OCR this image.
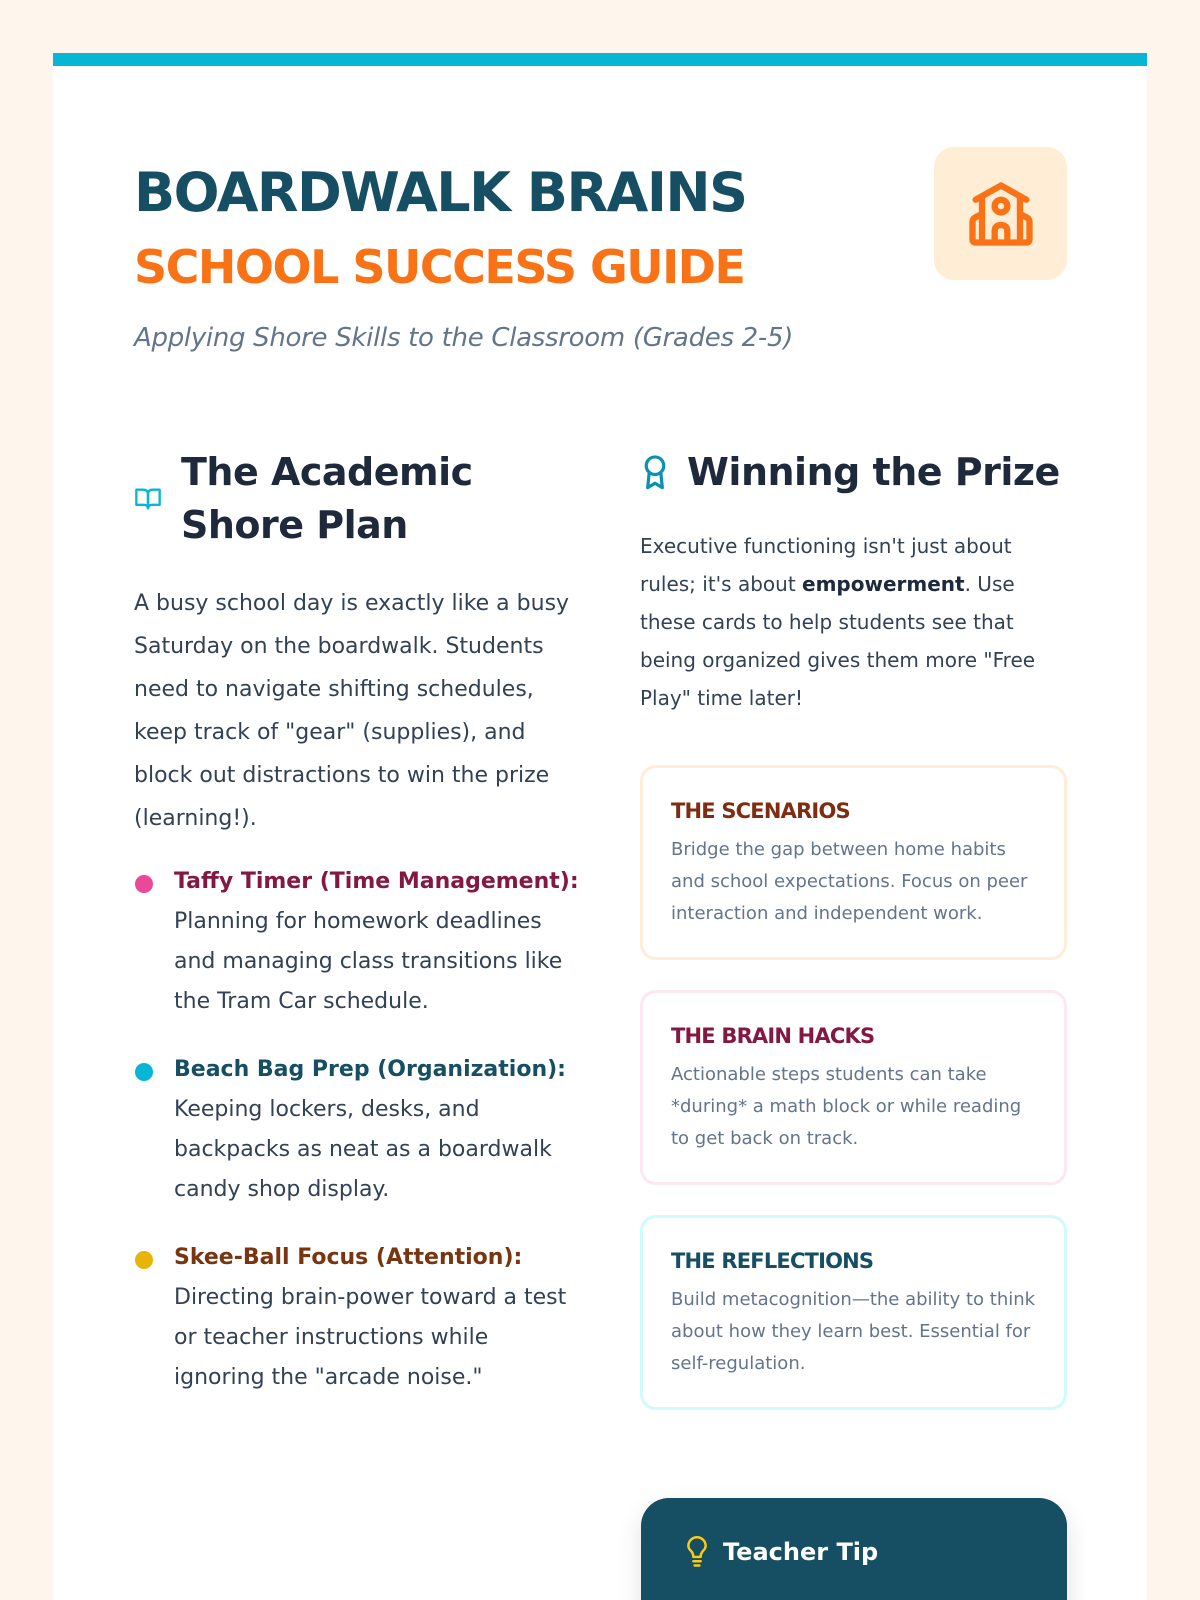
BOARDWALK BRAINS
SCHOOL SUCCESS GUIDE

Applying Shore Skills to the Classroom (Grades 2-5)

The Academic Shore Plan

A busy school day is exactly like a busy Saturday on the boardwalk. Students need to navigate shifting schedules, keep track of "gear" (supplies), and block out distractions to win the prize (learning!).

Taffy Timer (Time Management): Planning for homework deadlines and managing class transitions like the Tram Car schedule.
Beach Bag Prep (Organization): Keeping lockers, desks, and backpacks as neat as a boardwalk candy shop display.
Skee-Ball Focus (Attention): Directing brain-power toward a test or teacher instructions while ignoring the "arcade noise."
Winning the Prize

Executive functioning isn't just about rules; it's about empowerment. Use these cards to help students see that being organized gives them more "Free Play" time later!

THE SCENARIOS
Bridge the gap between home habits and school expectations. Focus on peer interaction and independent work.
THE BRAIN HACKS
Actionable steps students can take *during* a math block or while reading to get back on track.
THE REFLECTIONS
Build metacognition—the ability to think about how they learn best. Essential for self-regulation.
Teacher Tip
